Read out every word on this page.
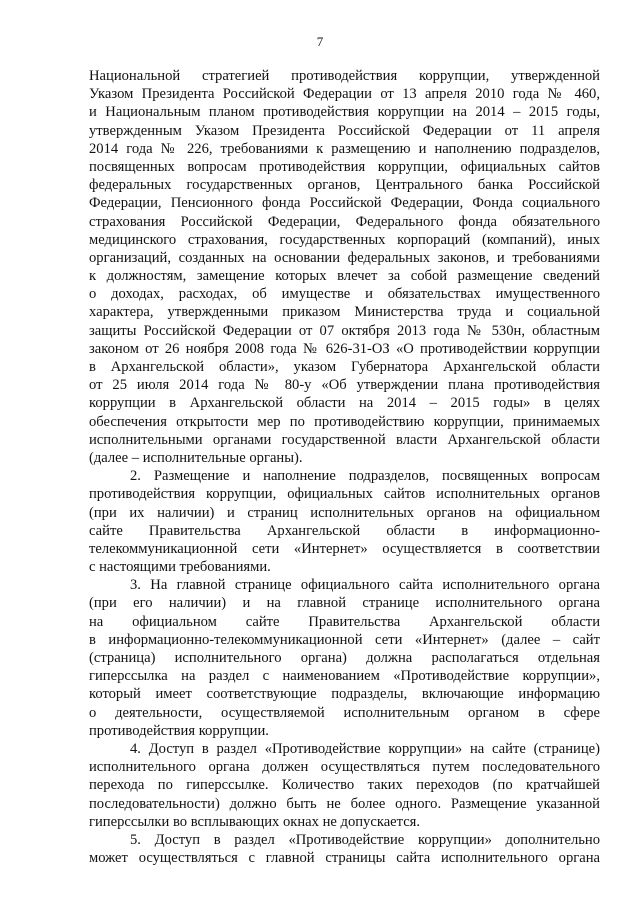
7
Национальной стратегией противодействия коррупции, утвержденной
Указом Президента Российской Федерации от 13 апреля 2010 года № 460,
и Национальным планом противодействия коррупции на 2014 – 2015 годы,
утвержденным Указом Президента Российской Федерации от 11 апреля
2014 года № 226, требованиями к размещению и наполнению подразделов,
посвященных вопросам противодействия коррупции, официальных сайтов
федеральных государственных органов, Центрального банка Российской
Федерации, Пенсионного фонда Российской Федерации, Фонда социального
страхования Российской Федерации, Федерального фонда обязательного
медицинского страхования, государственных корпораций (компаний), иных
организаций, созданных на основании федеральных законов, и требованиями
к должностям, замещение которых влечет за собой размещение сведений
о доходах, расходах, об имуществе и обязательствах имущественного
характера, утвержденными приказом Министерства труда и социальной
защиты Российской Федерации от 07 октября 2013 года № 530н, областным
законом от 26 ноября 2008 года № 626-31-ОЗ «О противодействии коррупции
в Архангельской области», указом Губернатора Архангельской области
от 25 июля 2014 года № 80-у «Об утверждении плана противодействия
коррупции в Архангельской области на 2014 – 2015 годы» в целях
обеспечения открытости мер по противодействию коррупции, принимаемых
исполнительными органами государственной власти Архангельской области
(далее – исполнительные органы).
2. Размещение и наполнение подразделов, посвященных вопросам
противодействия коррупции, официальных сайтов исполнительных органов
(при их наличии) и страниц исполнительных органов на официальном
сайте Правительства Архангельской области в информационно-
телекоммуникационной сети «Интернет» осуществляется в соответствии
с настоящими требованиями.
3. На главной странице официального сайта исполнительного органа
(при его наличии) и на главной странице исполнительного органа
на официальном сайте Правительства Архангельской области
в информационно-телекоммуникационной сети «Интернет» (далее – сайт
(страница) исполнительного органа) должна располагаться отдельная
гиперссылка на раздел с наименованием «Противодействие коррупции»,
который имеет соответствующие подразделы, включающие информацию
о деятельности, осуществляемой исполнительным органом в сфере
противодействия коррупции.
4. Доступ в раздел «Противодействие коррупции» на сайте (странице)
исполнительного органа должен осуществляться путем последовательного
перехода по гиперссылке. Количество таких переходов (по кратчайшей
последовательности) должно быть не более одного. Размещение указанной
гиперссылки во всплывающих окнах не допускается.
5. Доступ в раздел «Противодействие коррупции» дополнительно
может осуществляться с главной страницы сайта исполнительного органа
